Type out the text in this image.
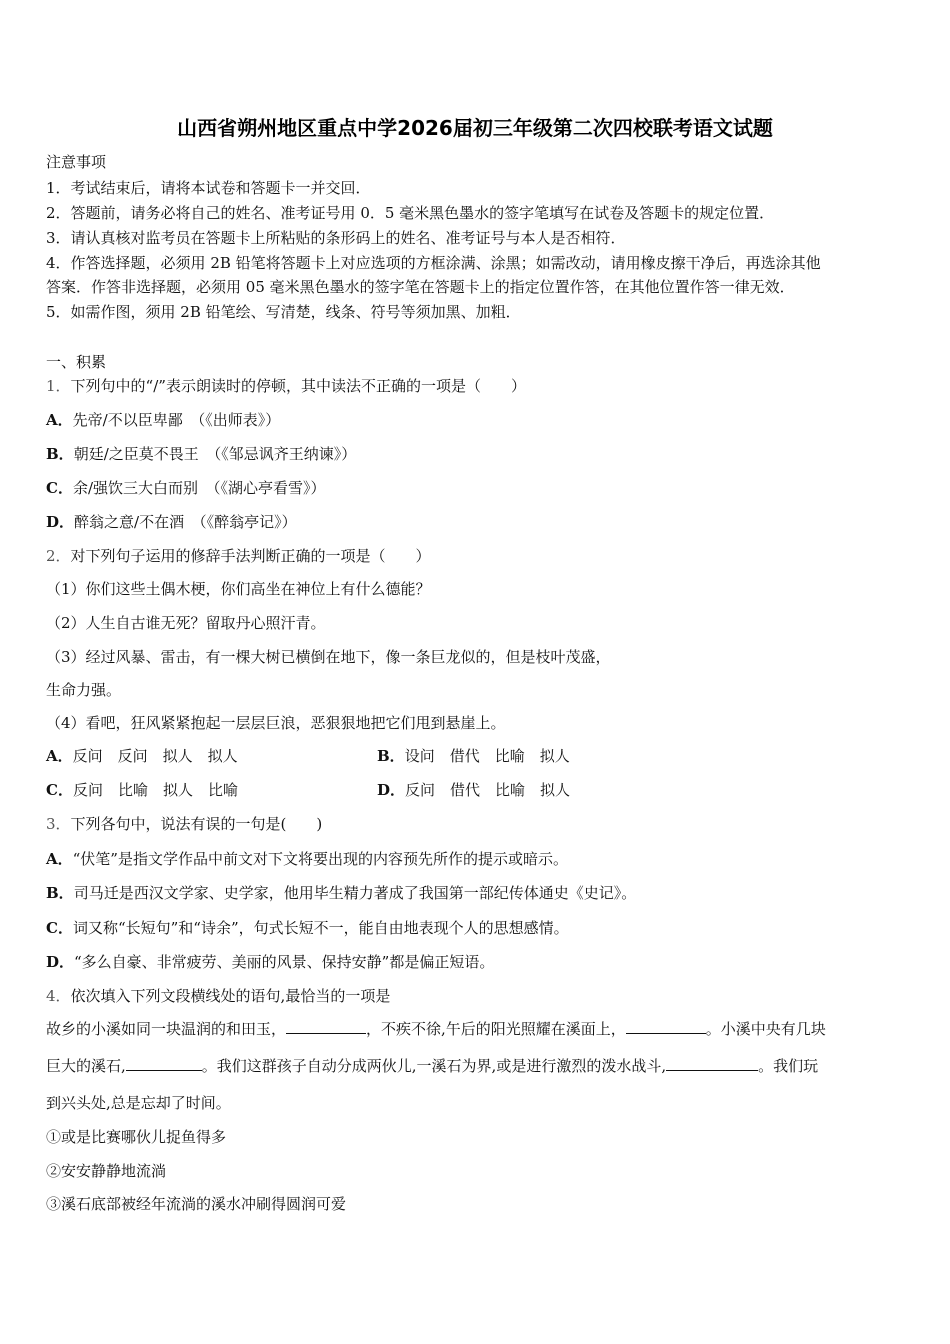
山西省朔州地区重点中学2026届初三年级第二次四校联考语文试题
注意事项
1．考试结束后，请将本试卷和答题卡一并交回．
2．答题前，请务必将自己的姓名、准考证号用 0．5 毫米黑色墨水的签字笔填写在试卷及答题卡的规定位置．
3．请认真核对监考员在答题卡上所粘贴的条形码上的姓名、准考证号与本人是否相符．
4．作答选择题，必须用 2B 铅笔将答题卡上对应选项的方框涂满、涂黑；如需改动，请用橡皮擦干净后，再选涂其他
答案．作答非选择题，必须用 05 毫米黑色墨水的签字笔在答题卡上的指定位置作答，在其他位置作答一律无效．
5．如需作图，须用 2B 铅笔绘、写清楚，线条、符号等须加黑、加粗．
一、积累
1．下列句中的“/”表示朗读时的停顿，其中读法不正确的一项是（　　）
A．先帝/不以臣卑鄙　（《出师表》）
B．朝廷/之臣莫不畏王　（《邹忌讽齐王纳谏》）
C．余/强饮三大白而别　（《湖心亭看雪》）
D．醉翁之意/不在酒　（《醉翁亭记》）
2．对下列句子运用的修辞手法判断正确的一项是（　　）
（1）你们这些土偶木梗，你们高坐在神位上有什么德能？
（2）人生自古谁无死？留取丹心照汗青。
（3）经过风暴、雷击，有一棵大树已横倒在地下，像一条巨龙似的，但是枝叶茂盛，
生命力强。
（4）看吧，狂风紧紧抱起一层层巨浪，恶狠狠地把它们甩到悬崖上。
A．反问　反问　拟人　拟人	B．设问　借代　比喻　拟人
C．反问　比喻　拟人　比喻	D．反问　借代　比喻　拟人
3．下列各句中，说法有误的一句是(　　)
A．“伏笔”是指文学作品中前文对下文将要出现的内容预先所作的提示或暗示。
B．司马迁是西汉文学家、史学家，他用毕生精力著成了我国第一部纪传体通史《史记》。
C．词又称“长短句”和“诗余”，句式长短不一，能自由地表现个人的思想感情。
D．“多么自豪、非常疲劳、美丽的风景、保持安静”都是偏正短语。
4．依次填入下列文段横线处的语句,最恰当的一项是
故乡的小溪如同一块温润的和田玉，	，不疾不徐,午后的阳光照耀在溪面上，	。小溪中央有几块
巨大的溪石,	。我们这群孩子自动分成两伙儿,一溪石为界,或是进行激烈的泼水战斗,	。我们玩
到兴头处,总是忘却了时间。
①或是比赛哪伙儿捉鱼得多
②安安静静地流淌
③溪石底部被经年流淌的溪水冲刷得圆润可爱
